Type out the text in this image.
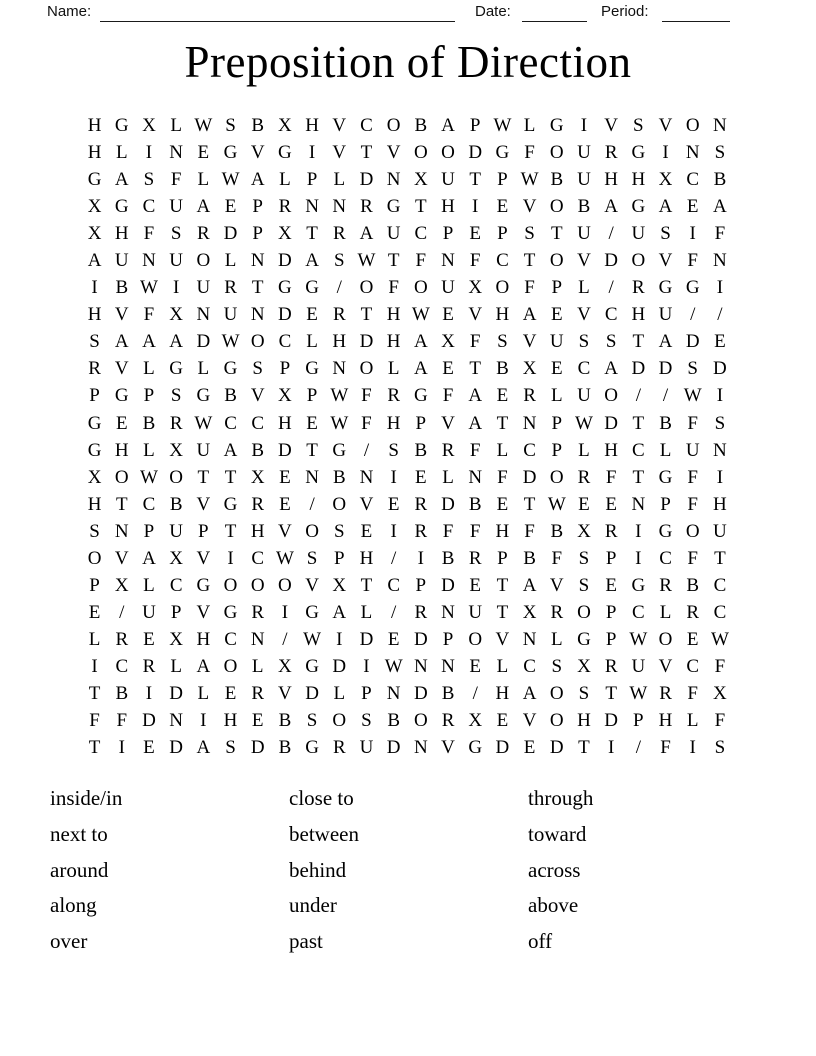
Name:	Date:	Period:
Preposition of Direction
H G X L W S B X H V C O B A P W L G I V S V O N
H L I N E G V G I V T V O O D G F O U R G I N S
G A S F L W A L P L D N X U T P W B U H H X C B
X G C U A E P R N N R G T H I E V O B A G A E A
X H F S R D P X T R A U C P E P S T U / U S I F
A U N U O L N D A S W T F N F C T O V D O V F N
I B W I U R T G G / O F O U X O F P L / R G G I
H V F X N U N D E R T H W E V H A E V C H U /	/
S A A A D W O C L H D H A X F S V U S S T A D E
R V L G L G S P G N O L A E T B X E C A D D S D
P G P S G B V X P W F R G F A E R L U O /	/ W I
G E B R W C C H E W F H P V A T N P W D T B F S
G H L X U A B D T G /	S B R F L C P L H C L U N
X O W O T T X E N B N I E L N F D O R F T G F I
H T C B V G R E / O V E R D B E T W E E N P F H
S N P U P T H V O S E I R F F H F B X R I G O U
O V A X V I C W S P H /	I B R P B F S P I C F T
P X L C G O O O V X T C P D E T A V S E G R B C
E / U P V G R I G A L / R N U T X R O P C L R C
L R E X H C N / W I D E D P O V N L G P W O E W
I C R L A O L X G D I W N N E L C S X R U V C F
T B I D L E R V D L P N D B / H A O S T W R F X
F F D N I H E B S O S B O R X E V O H D P H L F
T I E D A S D B G R U D N V G D E D T I	/	F I S
inside/in
next to
around
along
over
close to
between
behind
under
past
through
toward
across
above
off
